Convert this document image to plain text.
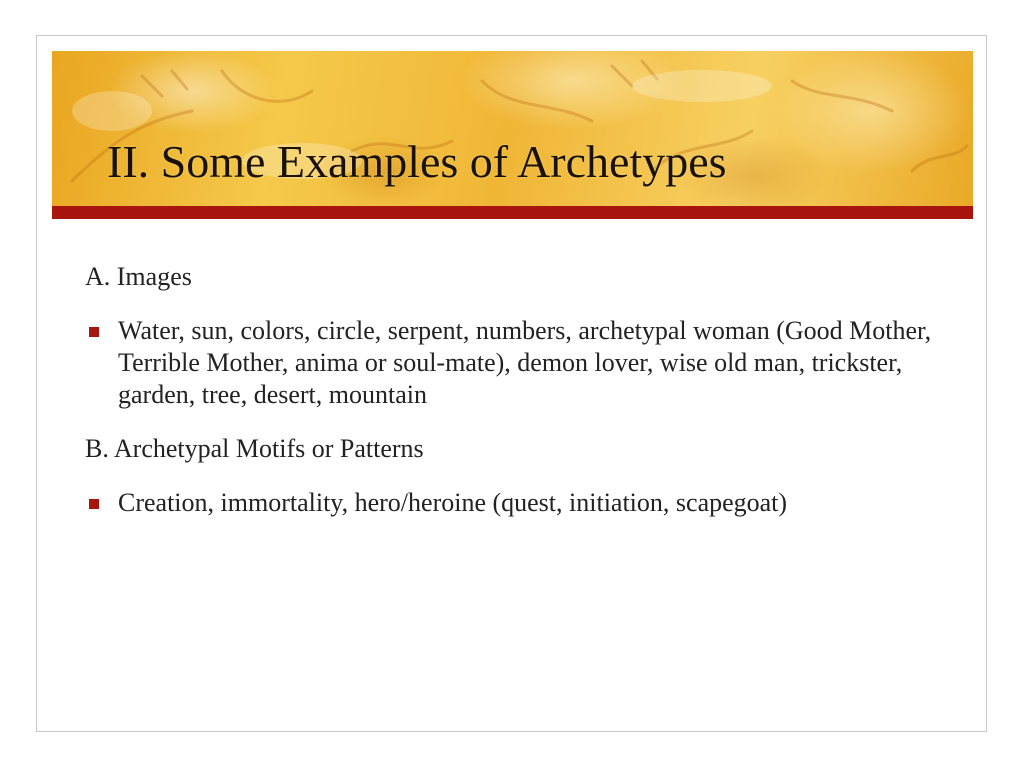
II. Some Examples of Archetypes

A. Images

Water, sun, colors, circle, serpent, numbers, archetypal woman (Good Mother, Terrible Mother, anima or soul-mate), demon lover, wise old man, trickster, garden, tree, desert, mountain

B. Archetypal Motifs or Patterns

Creation, immortality, hero/heroine (quest, initiation, scapegoat)
